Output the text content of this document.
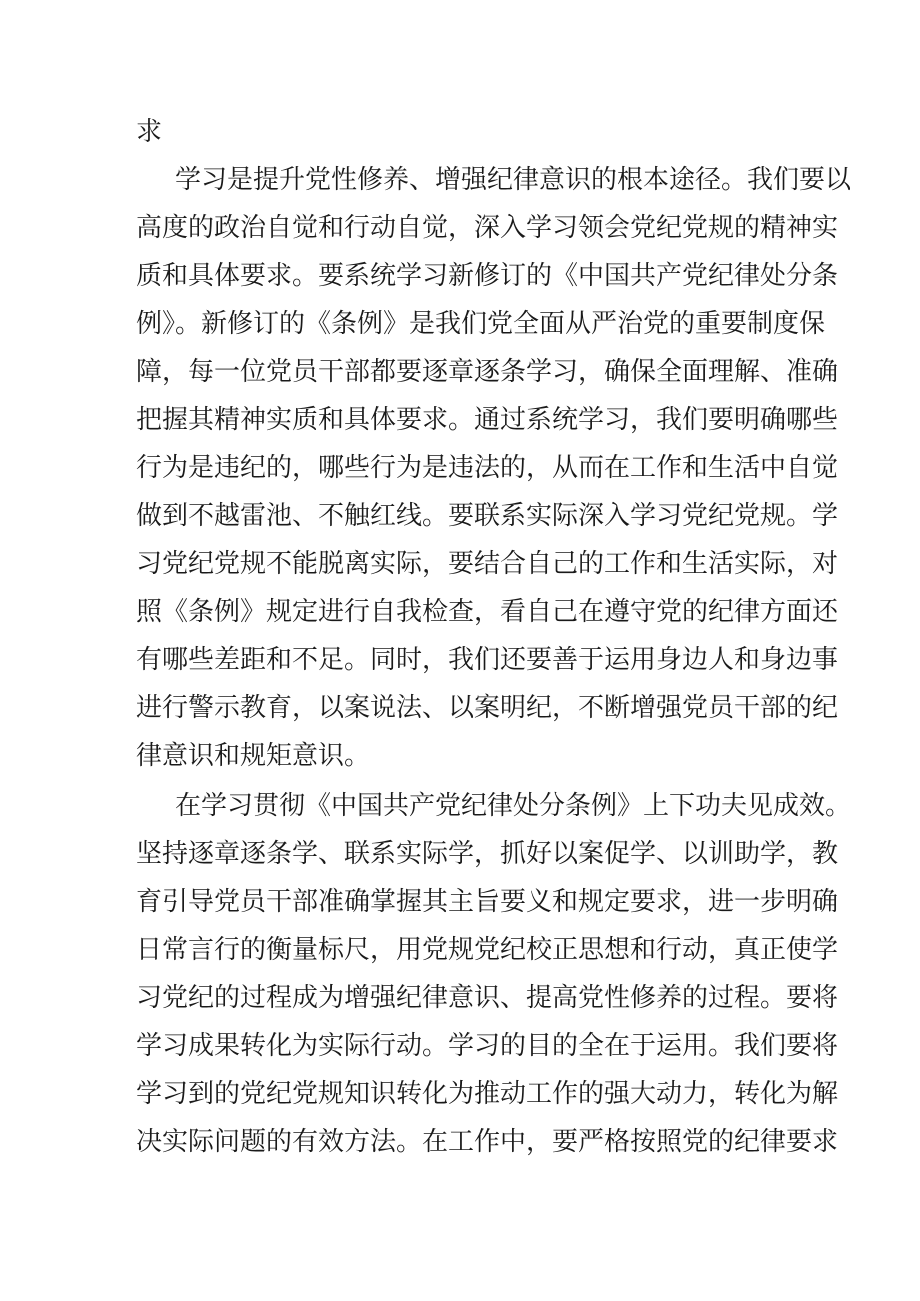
求
学习是提升党性修养、增强纪律意识的根本途径。我们要以
高度的政治自觉和行动自觉，深入学习领会党纪党规的精神实
质和具体要求。要系统学习新修订的《中国共产党纪律处分条
例》。新修订的《条例》是我们党全面从严治党的重要制度保
障，每一位党员干部都要逐章逐条学习，确保全面理解、准确
把握其精神实质和具体要求。通过系统学习，我们要明确哪些
行为是违纪的，哪些行为是违法的，从而在工作和生活中自觉
做到不越雷池、不触红线。要联系实际深入学习党纪党规。学
习党纪党规不能脱离实际，要结合自己的工作和生活实际，对
照《条例》规定进行自我检查，看自己在遵守党的纪律方面还
有哪些差距和不足。同时，我们还要善于运用身边人和身边事
进行警示教育，以案说法、以案明纪，不断增强党员干部的纪
律意识和规矩意识。
在学习贯彻《中国共产党纪律处分条例》上下功夫见成效。
坚持逐章逐条学、联系实际学，抓好以案促学、以训助学，教
育引导党员干部准确掌握其主旨要义和规定要求，进一步明确
日常言行的衡量标尺，用党规党纪校正思想和行动，真正使学
习党纪的过程成为增强纪律意识、提高党性修养的过程。要将
学习成果转化为实际行动。学习的目的全在于运用。我们要将
学习到的党纪党规知识转化为推动工作的强大动力，转化为解
决实际问题的有效方法。在工作中，要严格按照党的纪律要求
